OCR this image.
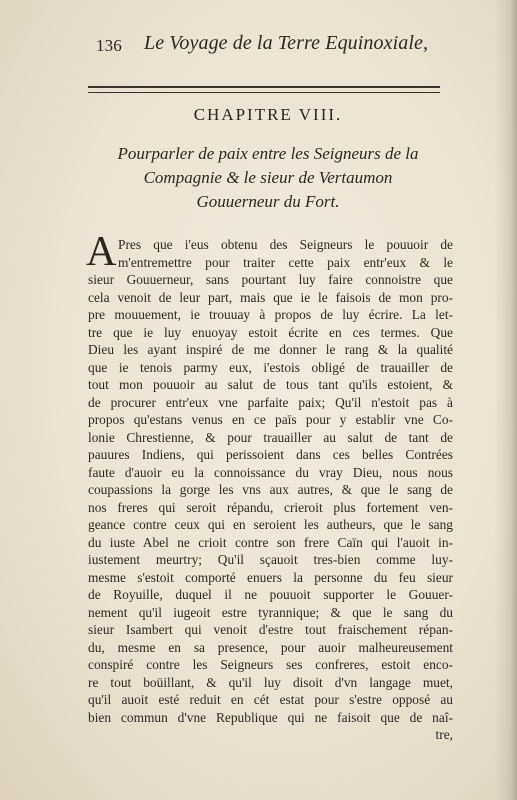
136 Le Voyage de la Terre Equinoxiale,
CHAPITRE VIII.
Pourparler de paix entre les Seigneurs de la
Compagnie & le sieur de Vertaumon
Gouuerneur du Fort.
A Pres que i'eus obtenu des Seigneurs le pouuoir de
m'entremettre pour traiter cette paix entr'eux & le
sieur Gouuerneur, sans pourtant luy faire connoistre que
cela venoit de leur part, mais que ie le faisois de mon pro-
pre mouuement, ie trouuay à propos de luy écrire. La let-
tre que ie luy enuoyay estoit écrite en ces termes. Que
Dieu les ayant inspiré de me donner le rang & la qualité
que ie tenois parmy eux, i'estois obligé de trauailler de
tout mon pouuoir au salut de tous tant qu'ils estoient, &
de procurer entr'eux vne parfaite paix; Qu'il n'estoit pas à
propos qu'estans venus en ce païs pour y establir vne Co-
lonie Chrestienne, & pour trauailler au salut de tant de
pauures Indiens, qui perissoient dans ces belles Contrées
faute d'auoir eu la connoissance du vray Dieu, nous nous
coupassions la gorge les vns aux autres, & que le sang de
nos freres qui seroit répandu, crieroit plus fortement ven-
geance contre ceux qui en seroient les autheurs, que le sang
du iuste Abel ne crioit contre son frere Caïn qui l'auoit in-
iustement meurtry; Qu'il sçauoit tres-bien comme luy-
mesme s'estoit comporté enuers la personne du feu sieur
de Royuille, duquel il ne pouuoit supporter le Gouuer-
nement qu'il iugeoit estre tyrannique; & que le sang du
sieur Isambert qui venoit d'estre tout fraischement répan-
du, mesme en sa presence, pour auoir malheureusement
conspiré contre les Seigneurs ses confreres, estoit enco-
re tout boüillant, & qu'il luy disoit d'vn langage muet,
qu'il auoit esté reduit en cét estat pour s'estre opposé au
bien commun d'vne Republique qui ne faisoit que de naî-
tre,
